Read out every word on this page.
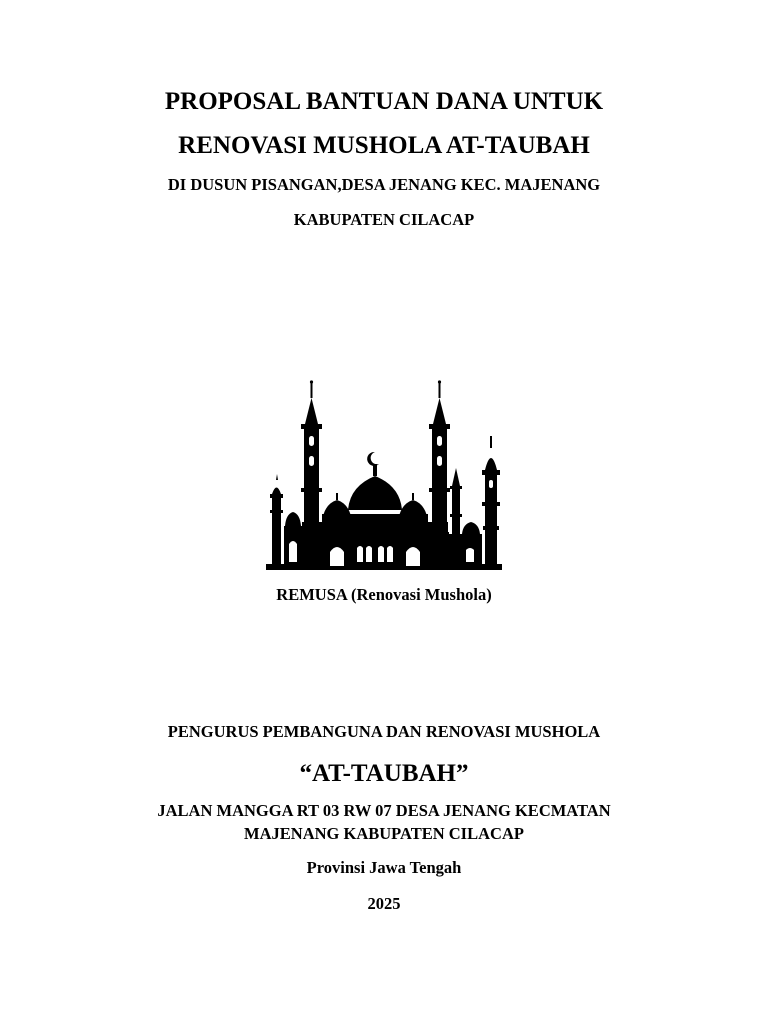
PROPOSAL BANTUAN DANA UNTUK
RENOVASI MUSHOLA AT-TAUBAH
DI DUSUN PISANGAN,DESA JENANG KEC. MAJENANG
KABUPATEN CILACAP
REMUSA (Renovasi Mushola)
PENGURUS PEMBANGUNA DAN RENOVASI MUSHOLA
“AT-TAUBAH”
JALAN MANGGA RT 03 RW 07 DESA JENANG KECMATAN
MAJENANG KABUPATEN CILACAP
Provinsi Jawa Tengah
2025
